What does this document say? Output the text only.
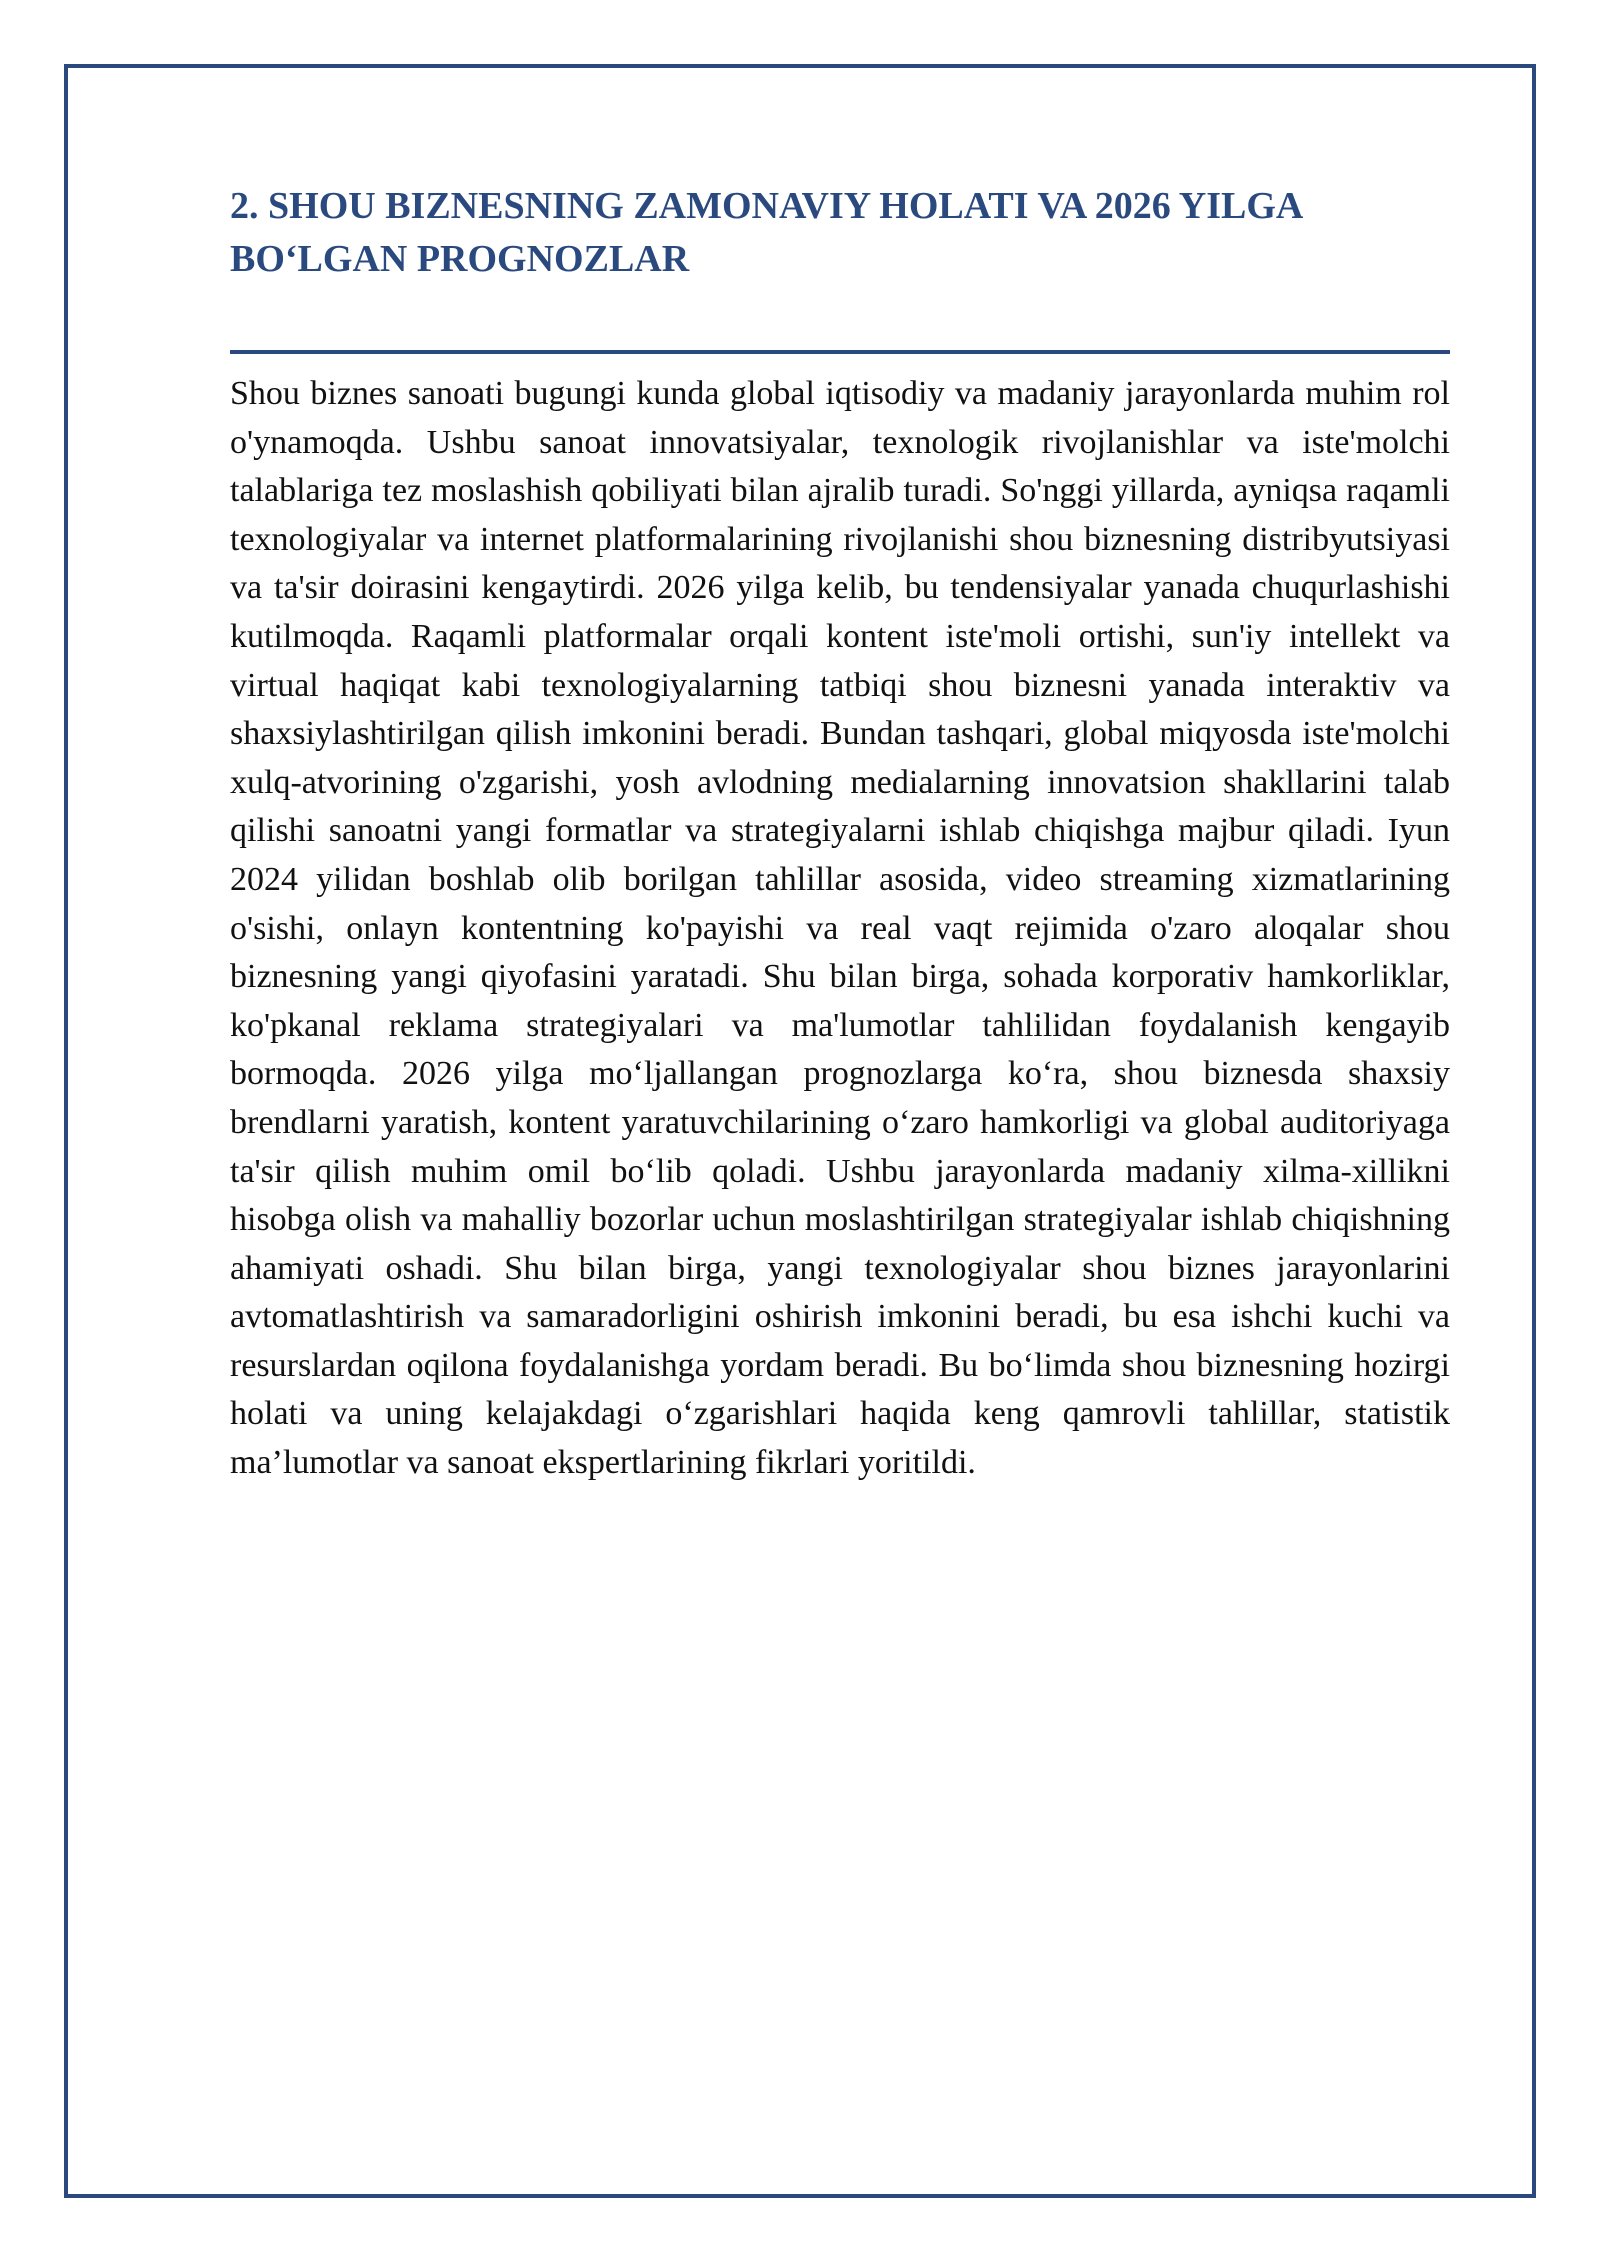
2. SHOU BIZNESNING ZAMONAVIY HOLATI VA 2026 YILGA BO‘LGAN PROGNOZLAR

Shou biznes sanoati bugungi kunda global iqtisodiy va madaniy jarayonlarda muhim rol o'ynamoqda. Ushbu sanoat innovatsiyalar, texnologik rivojlanishlar va iste'molchi talablariga tez moslashish qobiliyati bilan ajralib turadi. So'nggi yillarda, ayniqsa raqamli texnologiyalar va internet platformalarining rivojlanishi shou biznesning distribyutsiyasi va ta'sir doirasini kengaytirdi. 2026 yilga kelib, bu tendensiyalar yanada chuqurlashishi kutilmoqda. Raqamli platformalar orqali kontent iste'moli ortishi, sun'iy intellekt va virtual haqiqat kabi texnologiyalarning tatbiqi shou biznesni yanada interaktiv va shaxsiylashtirilgan qilish imkonini beradi. Bundan tashqari, global miqyosda iste'molchi xulq-atvorining o'zgarishi, yosh avlodning medialarning innovatsion shakllarini talab qilishi sanoatni yangi formatlar va strategiyalarni ishlab chiqishga majbur qiladi. Iyun 2024 yilidan boshlab olib borilgan tahlillar asosida, video streaming xizmatlarining o'sishi, onlayn kontentning ko'payishi va real vaqt rejimida o'zaro aloqalar shou biznesning yangi qiyofasini yaratadi. Shu bilan birga, sohada korporativ hamkorliklar, ko'pkanal reklama strategiyalari va ma'lumotlar tahlilidan foydalanish kengayib bormoqda. 2026 yilga mo‘ljallangan prognozlarga ko‘ra, shou biznesda shaxsiy brendlarni yaratish, kontent yaratuvchilarining o‘zaro hamkorligi va global auditoriyaga ta'sir qilish muhim omil bo‘lib qoladi. Ushbu jarayonlarda madaniy xilma-xillikni hisobga olish va mahalliy bozorlar uchun moslashtirilgan strategiyalar ishlab chiqishning ahamiyati oshadi. Shu bilan birga, yangi texnologiyalar shou biznes jarayonlarini avtomatlashtirish va samaradorligini oshirish imkonini beradi, bu esa ishchi kuchi va resurslardan oqilona foydalanishga yordam beradi. Bu bo‘limda shou biznesning hozirgi holati va uning kelajakdagi o‘zgarishlari haqida keng qamrovli tahlillar, statistik ma’lumotlar va sanoat ekspertlarining fikrlari yoritildi.
